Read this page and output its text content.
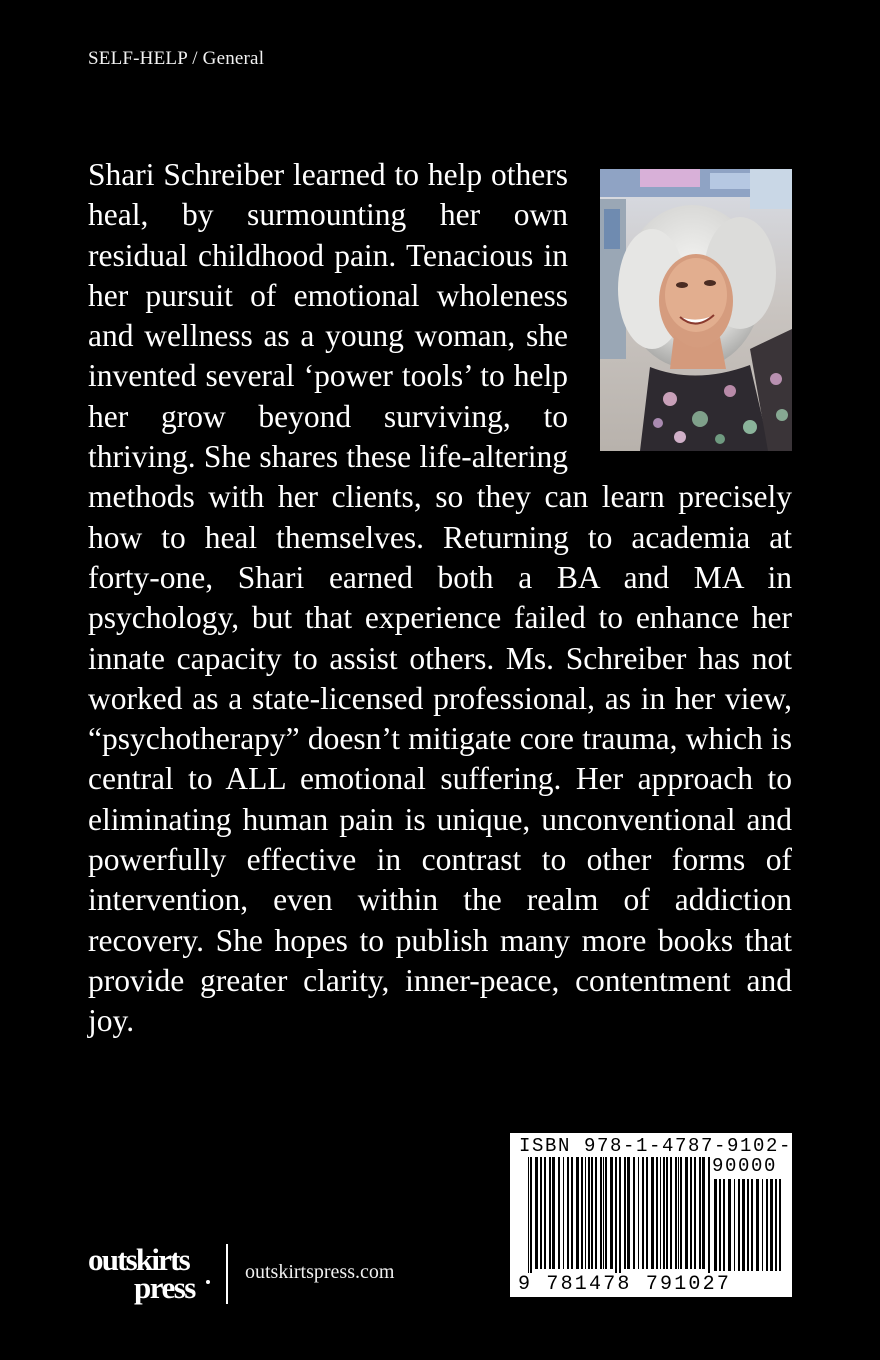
SELF-HELP / General

Shari Schreiber learned to help others heal, by surmounting her own residual childhood pain. Tenacious in her pursuit of emotional wholeness and wellness as a young woman, she invented several ‘power tools’ to help her grow beyond surviving, to thriving. She shares these life-altering methods with her clients, so they can learn precisely how to heal themselves. Returning to academia at forty-one, Shari earned both a BA and MA in psychology, but that experience failed to enhance her innate capacity to assist others. Ms. Schreiber has not worked as a state-licensed professional, as in her view, “psychotherapy” doesn’t mitigate core trauma, which is central to ALL emotional suffering. Her approach to eliminating human pain is unique, unconventional and powerfully effective in contrast to other forms of intervention, even within the realm of addiction recovery. She hopes to publish many more books that provide greater clarity, inner-peace, contentment and joy.

ISBN 978-1-4787-9102-7
90000
9 781478 791027
outskirts
press	outskirtspress.com
